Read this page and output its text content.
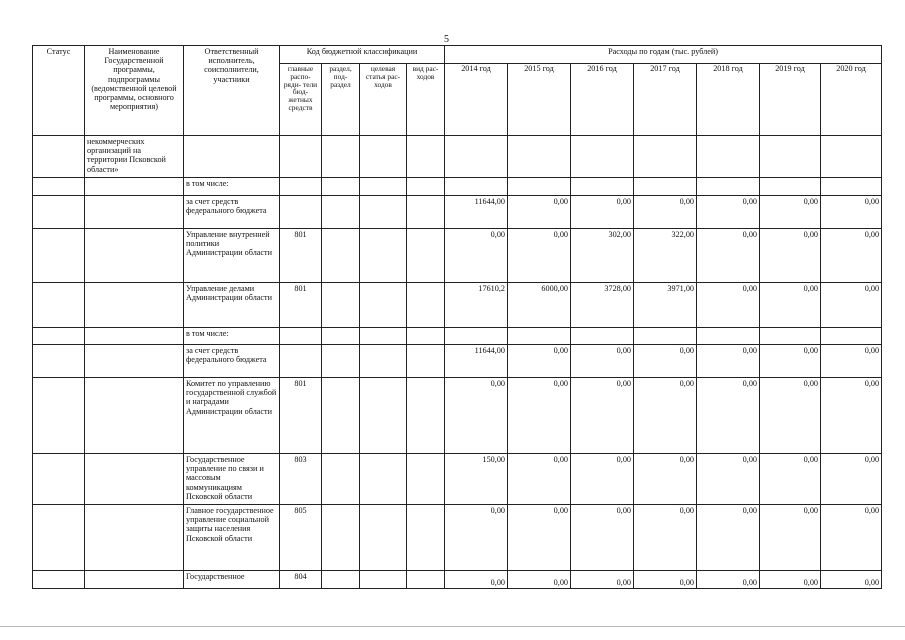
5
Статус	Наименование Государственной программы, подпрограммы (ведомственной целевой программы, основного мероприятия)	Ответственный исполнитель, соисполнители, участники	Код бюджетной классификации				Расходы по годам (тыс. рублей)						
			главные распо- ряди- тели бюд- жетных средств	раздел, под- раздел	целевая статья рас- ходов	вид рас- ходов	2014 год	2015 год	2016 год	2017 год	2018 год	2019 год	2020 год
	некоммерческих организаций на территории Псковской области»												
		в том числе:											
		за счет средств федерального бюджета					11644,00	0,00	0,00	0,00	0,00	0,00	0,00
		Управление внутренней политики Администрации области	801				0,00	0,00	302,00	322,00	0,00	0,00	0,00
		Управление делами Администрации области	801				17610,2	6000,00	3728,00	3971,00	0,00	0,00	0,00
		в том числе:											
		за счет средств федерального бюджета					11644,00	0,00	0,00	0,00	0,00	0,00	0,00
		Комитет по управлению государственной службой и наградами Администрации области	801				0,00	0,00	0,00	0,00	0,00	0,00	0,00
		Государственное управление по связи и массовым коммуникациям Псковской области	803				150,00	0,00	0,00	0,00	0,00	0,00	0,00
		Главное государственное управление социальной защиты населения Псковской области	805				0,00	0,00	0,00	0,00	0,00	0,00	0,00
		Государственное	804				0,00	0,00	0,00	0,00	0,00	0,00	0,00
